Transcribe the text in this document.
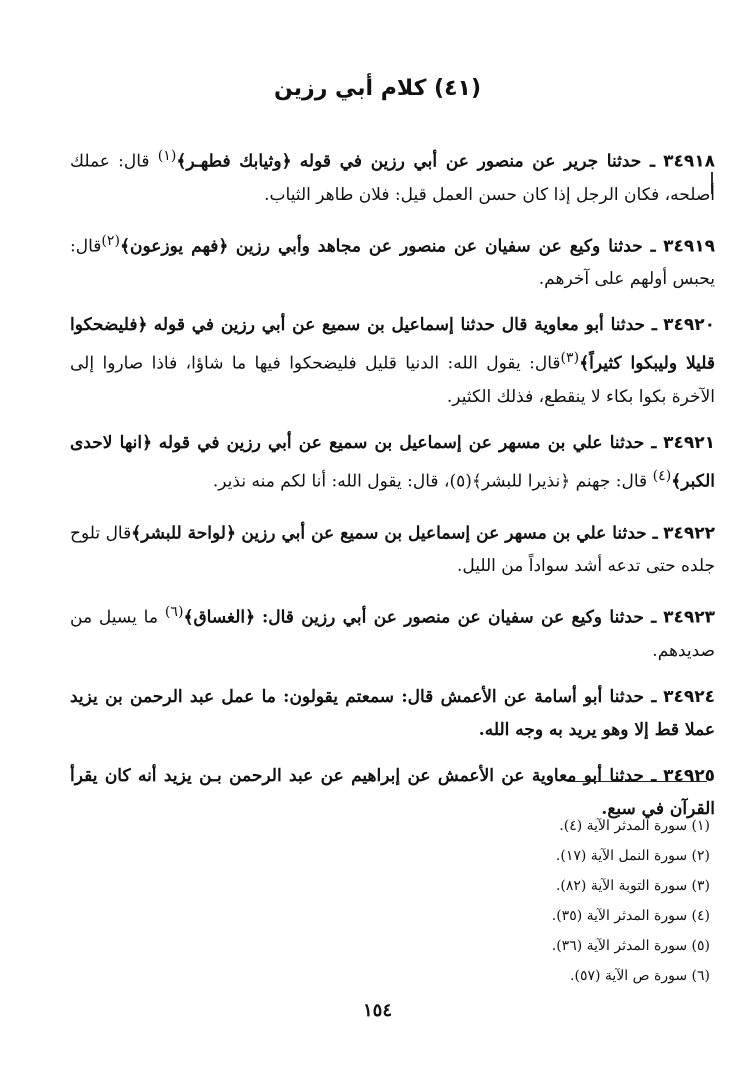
(٤١) كلام أبي رزين

٣٤٩١٨ ـ حدثنا جرير عن منصور عن أبي رزين في قوله ﴿وثيابك فطهـر﴾$^{(١)}$ قال: عملك أصلحه، فكان الرجل إذا كان حسن العمل قيل: فلان طاهر الثياب.

٣٤٩١٩ ـ حدثنا وكيع عن سفيان عن منصور عن مجاهد وأبي رزين ﴿فهم يوزعون﴾$^{(٢)}$قال: يحبس أولهم على آخرهم.

٣٤٩٢٠ ـ حدثنا أبو معاوية قال حدثنا إسماعيل بن سميع عن أبي رزين في قوله ﴿فليضحكوا قليلا وليبكوا كثيراً﴾$^{(٣)}$قال: يقول الله: الدنيا قليل فليضحكوا فيها ما شاؤا، فاذا صاروا إلى الآخرة بكوا بكاء لا ينقطع، فذلك الكثير.

٣٤٩٢١ ـ حدثنا علي بن مسهر عن إسماعيل بن سميع عن أبي رزين في قوله ﴿انها لاحدى الكبر﴾$^{(٤)}$ قال: جهنم ﴿نذيرا للبشر﴾(٥)، قال: يقول الله: أنا لكم منه نذير.

٣٤٩٢٢ ـ حدثنا علي بن مسهر عن إسماعيل بن سميع عن أبي رزين ﴿لواحة للبشر﴾قال تلوح جلده حتى تدعه أشد سواداً من الليل.

٣٤٩٢٣ ـ حدثنا وكيع عن سفيان عن منصور عن أبي رزين قال: ﴿الغساق﴾$^{(٦)}$ ما يسيل من صديدهم.

٣٤٩٢٤ ـ حدثنا أبو أسامة عن الأعمش قال: سمعتم يقولون: ما عمل عبد الرحمن بن يزيد عملا قط إلا وهو يريد به وجه الله.

٣٤٩٢٥ ـ حدثنا أبو معاوية عن الأعمش عن إبراهيم عن عبد الرحمن بـن يزيد أنه كان يقرأ القرآن في سبع.

(١) سورة المدثر الآية (٤).

(٢) سورة النمل الآية (١٧).

(٣) سورة التوبة الآية (٨٢).

(٤) سورة المدثر الآية (٣٥).

(٥) سورة المدثر الآية (٣٦).

(٦) سورة ص الآية (٥٧).

١٥٤
